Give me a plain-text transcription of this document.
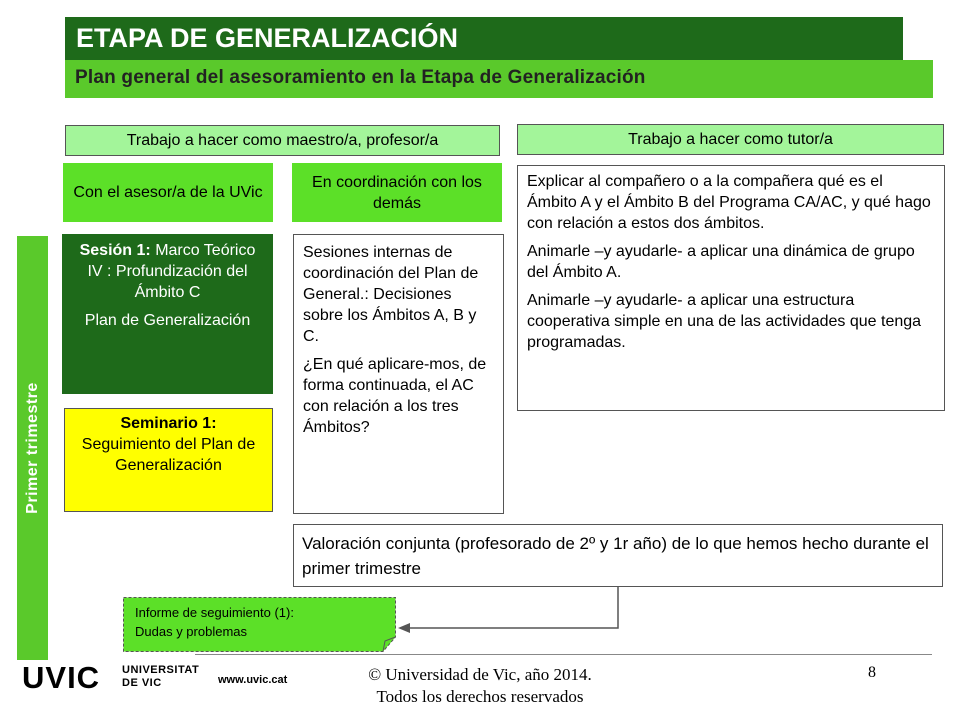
ETAPA DE GENERALIZACIÓN
Plan general del asesoramiento en la Etapa de Generalización
Trabajo a hacer como maestro/a, profesor/a	Trabajo a hacer como tutor/a
Con el asesor/a de la UVic
En coordinación con los demás
Primer trimestre

Sesión 1: Marco Teórico IV : Profundización del Ámbito C

Plan de Generalización

Seminario 1:

Seguimiento del Plan de Generalización

Sesiones internas de coordinación del Plan de General.: Decisiones sobre los Ámbitos A, B y C.

¿En qué aplicare-mos, de forma continuada, el AC con relación a los tres Ámbitos?

Explicar al compañero o a la compañera qué es el Ámbito A y el Ámbito B del Programa CA/AC, y qué hago con relación a estos dos ámbitos.

Animarle –y ayudarle- a aplicar una dinámica de grupo del Ámbito A.

Animarle –y ayudarle- a aplicar una estructura cooperativa simple en una de las actividades que tenga programadas.

Valoración conjunta (profesorado de 2º y 1r año) de lo que hemos hecho durante el primer trimestre
Informe de seguimiento (1):
Dudas y problemas
UVIC UNIVERSITAT
DE VIC	www.uvic.cat	© Universidad de Vic, año 2014.
Todos los derechos reservados
8
